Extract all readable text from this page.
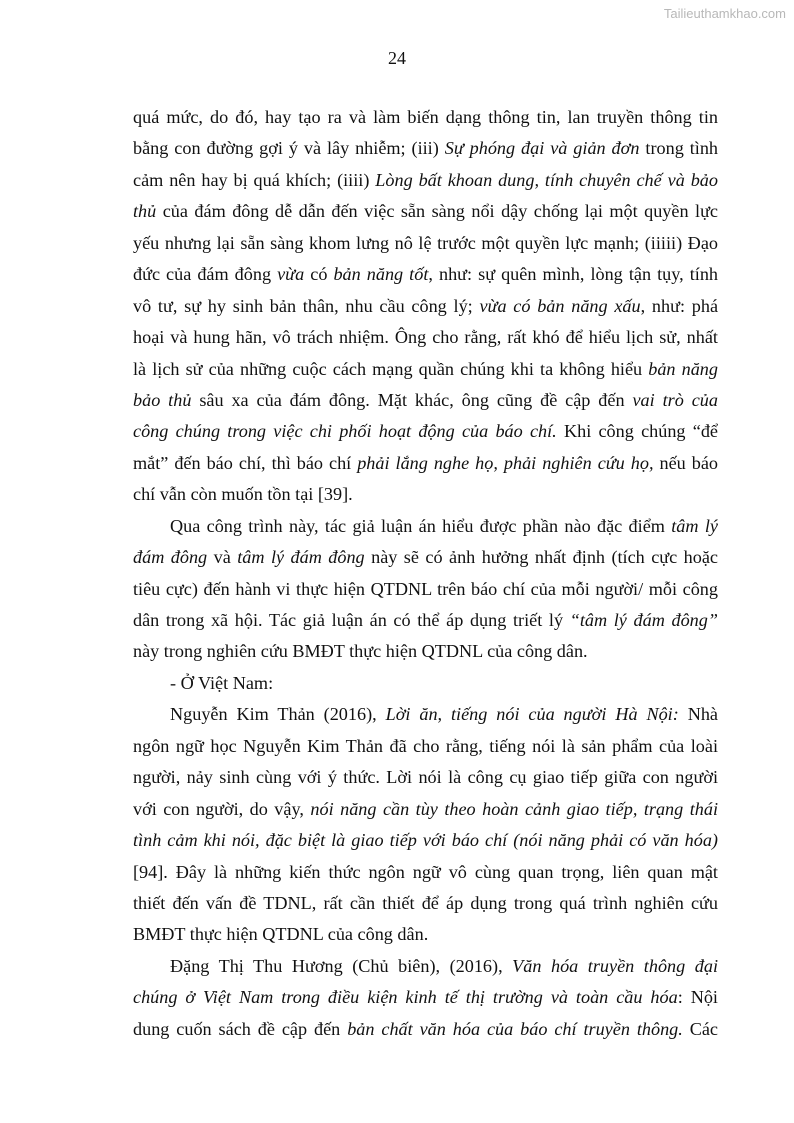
Tailieuthamkhao.com
24
quá mức, do đó, hay tạo ra và làm biến dạng thông tin, lan truyền thông tin
bằng con đường gợi ý và lây nhiễm; (iii) Sự phóng đại và giản đơn trong tình
cảm nên hay bị quá khích; (iiii) Lòng bất khoan dung, tính chuyên chế và bảo
thủ của đám đông dễ dẫn đến việc sẵn sàng nổi dậy chống lại một quyền lực
yếu nhưng lại sẵn sàng khom lưng nô lệ trước một quyền lực mạnh; (iiiii) Đạo
đức của đám đông vừa có bản năng tốt, như: sự quên mình, lòng tận tụy, tính
vô tư, sự hy sinh bản thân, nhu cầu công lý; vừa có bản năng xấu, như: phá
hoại và hung hãn, vô trách nhiệm. Ông cho rằng, rất khó để hiểu lịch sử, nhất
là lịch sử của những cuộc cách mạng quần chúng khi ta không hiểu bản năng
bảo thủ sâu xa của đám đông. Mặt khác, ông cũng đề cập đến vai trò của
công chúng trong việc chi phối hoạt động của báo chí. Khi công chúng “để
mắt” đến báo chí, thì báo chí phải lắng nghe họ, phải nghiên cứu họ, nếu báo
chí vẫn còn muốn tồn tại [39].
Qua công trình này, tác giả luận án hiểu được phần nào đặc điểm tâm lý
đám đông và tâm lý đám đông này sẽ có ảnh hưởng nhất định (tích cực hoặc
tiêu cực) đến hành vi thực hiện QTDNL trên báo chí của mỗi người/ mỗi công
dân trong xã hội. Tác giả luận án có thể áp dụng triết lý “tâm lý đám đông”
này trong nghiên cứu BMĐT thực hiện QTDNL của công dân.
- Ở Việt Nam:
Nguyễn Kim Thản (2016), Lời ăn, tiếng nói của người Hà Nội: Nhà
ngôn ngữ học Nguyễn Kim Thản đã cho rằng, tiếng nói là sản phẩm của loài
người, nảy sinh cùng với ý thức. Lời nói là công cụ giao tiếp giữa con người
với con người, do vậy, nói năng cần tùy theo hoàn cảnh giao tiếp, trạng thái
tình cảm khi nói, đặc biệt là giao tiếp với báo chí (nói năng phải có văn hóa)
[94]. Đây là những kiến thức ngôn ngữ vô cùng quan trọng, liên quan mật
thiết đến vấn đề TDNL, rất cần thiết để áp dụng trong quá trình nghiên cứu
BMĐT thực hiện QTDNL của công dân.
Đặng Thị Thu Hương (Chủ biên), (2016), Văn hóa truyền thông đại
chúng ở Việt Nam trong điều kiện kinh tế thị trường và toàn cầu hóa: Nội
dung cuốn sách đề cập đến bản chất văn hóa của báo chí truyền thông. Các
